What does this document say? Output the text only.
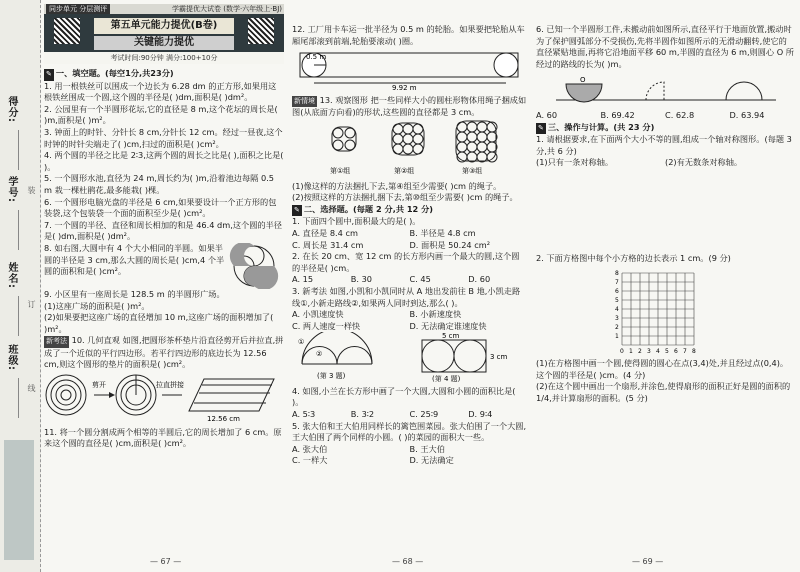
得分:
学号:
姓名:
班级:
装
订
线
同步单元 分层测评	学霸提优大试卷 (数学·六年级上·BJ)
第五单元能力提优(B卷)
关键能力提优
考试时间:90分钟 满分:100+10分

✎ 一、填空题。(每空1分,共23分)

1. 用一根铁丝可以围成一个边长为 6.28 dm 的正方形,如果用这根铁丝围成一个圆,这个圆的半径是( )dm,面积是( )dm²。

2. 公园里有一个半圆形花坛,它的直径是 8 m,这个花坛的周长是( )m,面积是( )m²。

3. 钟面上的时针、分针长 8 cm,分针长 12 cm。经过一昼夜,这个时钟的时针尖端走了( )cm,扫过的面积是( )cm²。

4. 两个圆的半径之比是 2∶3,这两个圆的周长之比是( ),面积之比是( )。

5. 一个圆形水池,直径为 24 m,周长约为( )m,沿着池边每隔 0.5 m 栽一棵杜鹃花,最多能栽( )棵。

6. 一个圆形电脑光盘的半径是 6 cm,如果要设计一个正方形的包装袋,这个包装袋一个面的面积至少是( )cm²。

7. 一个圆的半径、直径和周长相加的和是 46.4 dm,这个圆的半径是( )dm,面积是( )dm²。

8. 如右图,大圆中有 4 个大小相同的半圆。如果半圆的半径是 3 cm,那么大圆的周长是( )cm,4 个半圆的面积和是( )cm²。

9. 小区里有一座周长是 128.5 m 的半圆形广场。

(1)这座广场的面积是( )m²。

(2)如果要把这座广场的直径增加 10 m,这座广场的面积增加了( )m²。

新考法 10. 几何直观 如图,把圆形茶杯垫片沿直径剪开后并拉直,拼成了一个近似的平行四边形。若平行四边形的底边长为 12.56 cm,则这个圆形的垫片的面积是( )cm²。

剪开	拉直拼接
12.56 cm

11. 将一个圆分割成两个相等的半圆后,它的周长增加了 6 cm。原来这个圆的直径是( )cm,面积是( )cm²。

— 67 —

12. 工厂用卡车运一批半径为 0.5 m 的轮胎。如果要把轮胎从车厢尾部滚到前端,轮胎要滚动( )圈。

0.5 m
9.92 m

新情境 13. 观察图形 把一些同样大小的圆柱形物体用绳子捆成如图(从底面方向看)的形状,这些圆的直径都是 3 cm。

第①组	第②组	第③组

(1)像这样的方法捆扎下去,第④组至少需要( )cm 的绳子。

(2)按照这样的方法捆扎捆下去,第⑩组至少需要( )cm 的绳子。

✎ 二、选择题。(每题 2 分,共 12 分)

1. 下面四个圆中,面积最大的是( )。

A. 直径是 8.4 cm	B. 半径是 4.8 cm
C. 周长是 31.4 cm	D. 面积是 50.24 cm²

2. 在长 20 cm、宽 12 cm 的长方形内画一个最大的圆,这个圆的半径是( )cm。

A. 15	B. 30	C. 45	D. 60

3. 新考法 如图,小凯和小凯同时从 A 地出发前往 B 地,小凯走路线①,小新走路线②,如果两人同时到达,那么( )。

A. 小凯速度快	B. 小新速度快
C. 两人速度一样快	D. 无法确定谁速度快
①
②
(第 3 题)
5 cm
3 cm
(第 4 题)

4. 如图,小兰在长方形中画了一个大圆,大圆和小圆的面积比是( )。

A. 5∶3	B. 3∶2	C. 25∶9	D. 9∶4

5. 张大伯和王大伯用同样长的篱笆围菜园。张大伯围了一个大圆,王大伯围了两个同样的小圆。( )的菜园的面积大一些。

A. 张大伯	B. 王大伯
C. 一样大	D. 无法确定
— 68 —

6. 已知一个半圆形工件,未搬动前如图所示,直径平行于地面放置,搬动时为了保护圆弧部分不受损伤,先将半圆作如图所示的无滑动翻转,使它的直径紧贴地面,再将它沿地面平移 60 m,半圆的直径为 6 m,则圆心 O 所经过的路线的长为( )m。

O
A. 60	B. 69.42	C. 62.8	D. 63.94

✎ 三、操作与计算。(共 23 分)

1. 请根据要求,在下面两个大小不等的圆,组成一个轴对称图形。(每题 3 分,共 6 分)

(1)只有一条对称轴。	(2)有无数条对称轴。

2. 下面方格图中每个小方格的边长表示 1 cm。(9 分)

0 1
1
2
2
3
3
4
4
5
5
6
6
7
7
8
8

(1)在方格图中画一个圆,使得圆的圆心在点(3,4)处,并且经过点(0,4)。这个圆的半径是( )cm。(4 分)

(2)在这个圆中画出一个扇形,并涂色,使得扇形的面积正好是圆的面积的 1/4,并计算扇形的面积。(5 分)

— 69 —
